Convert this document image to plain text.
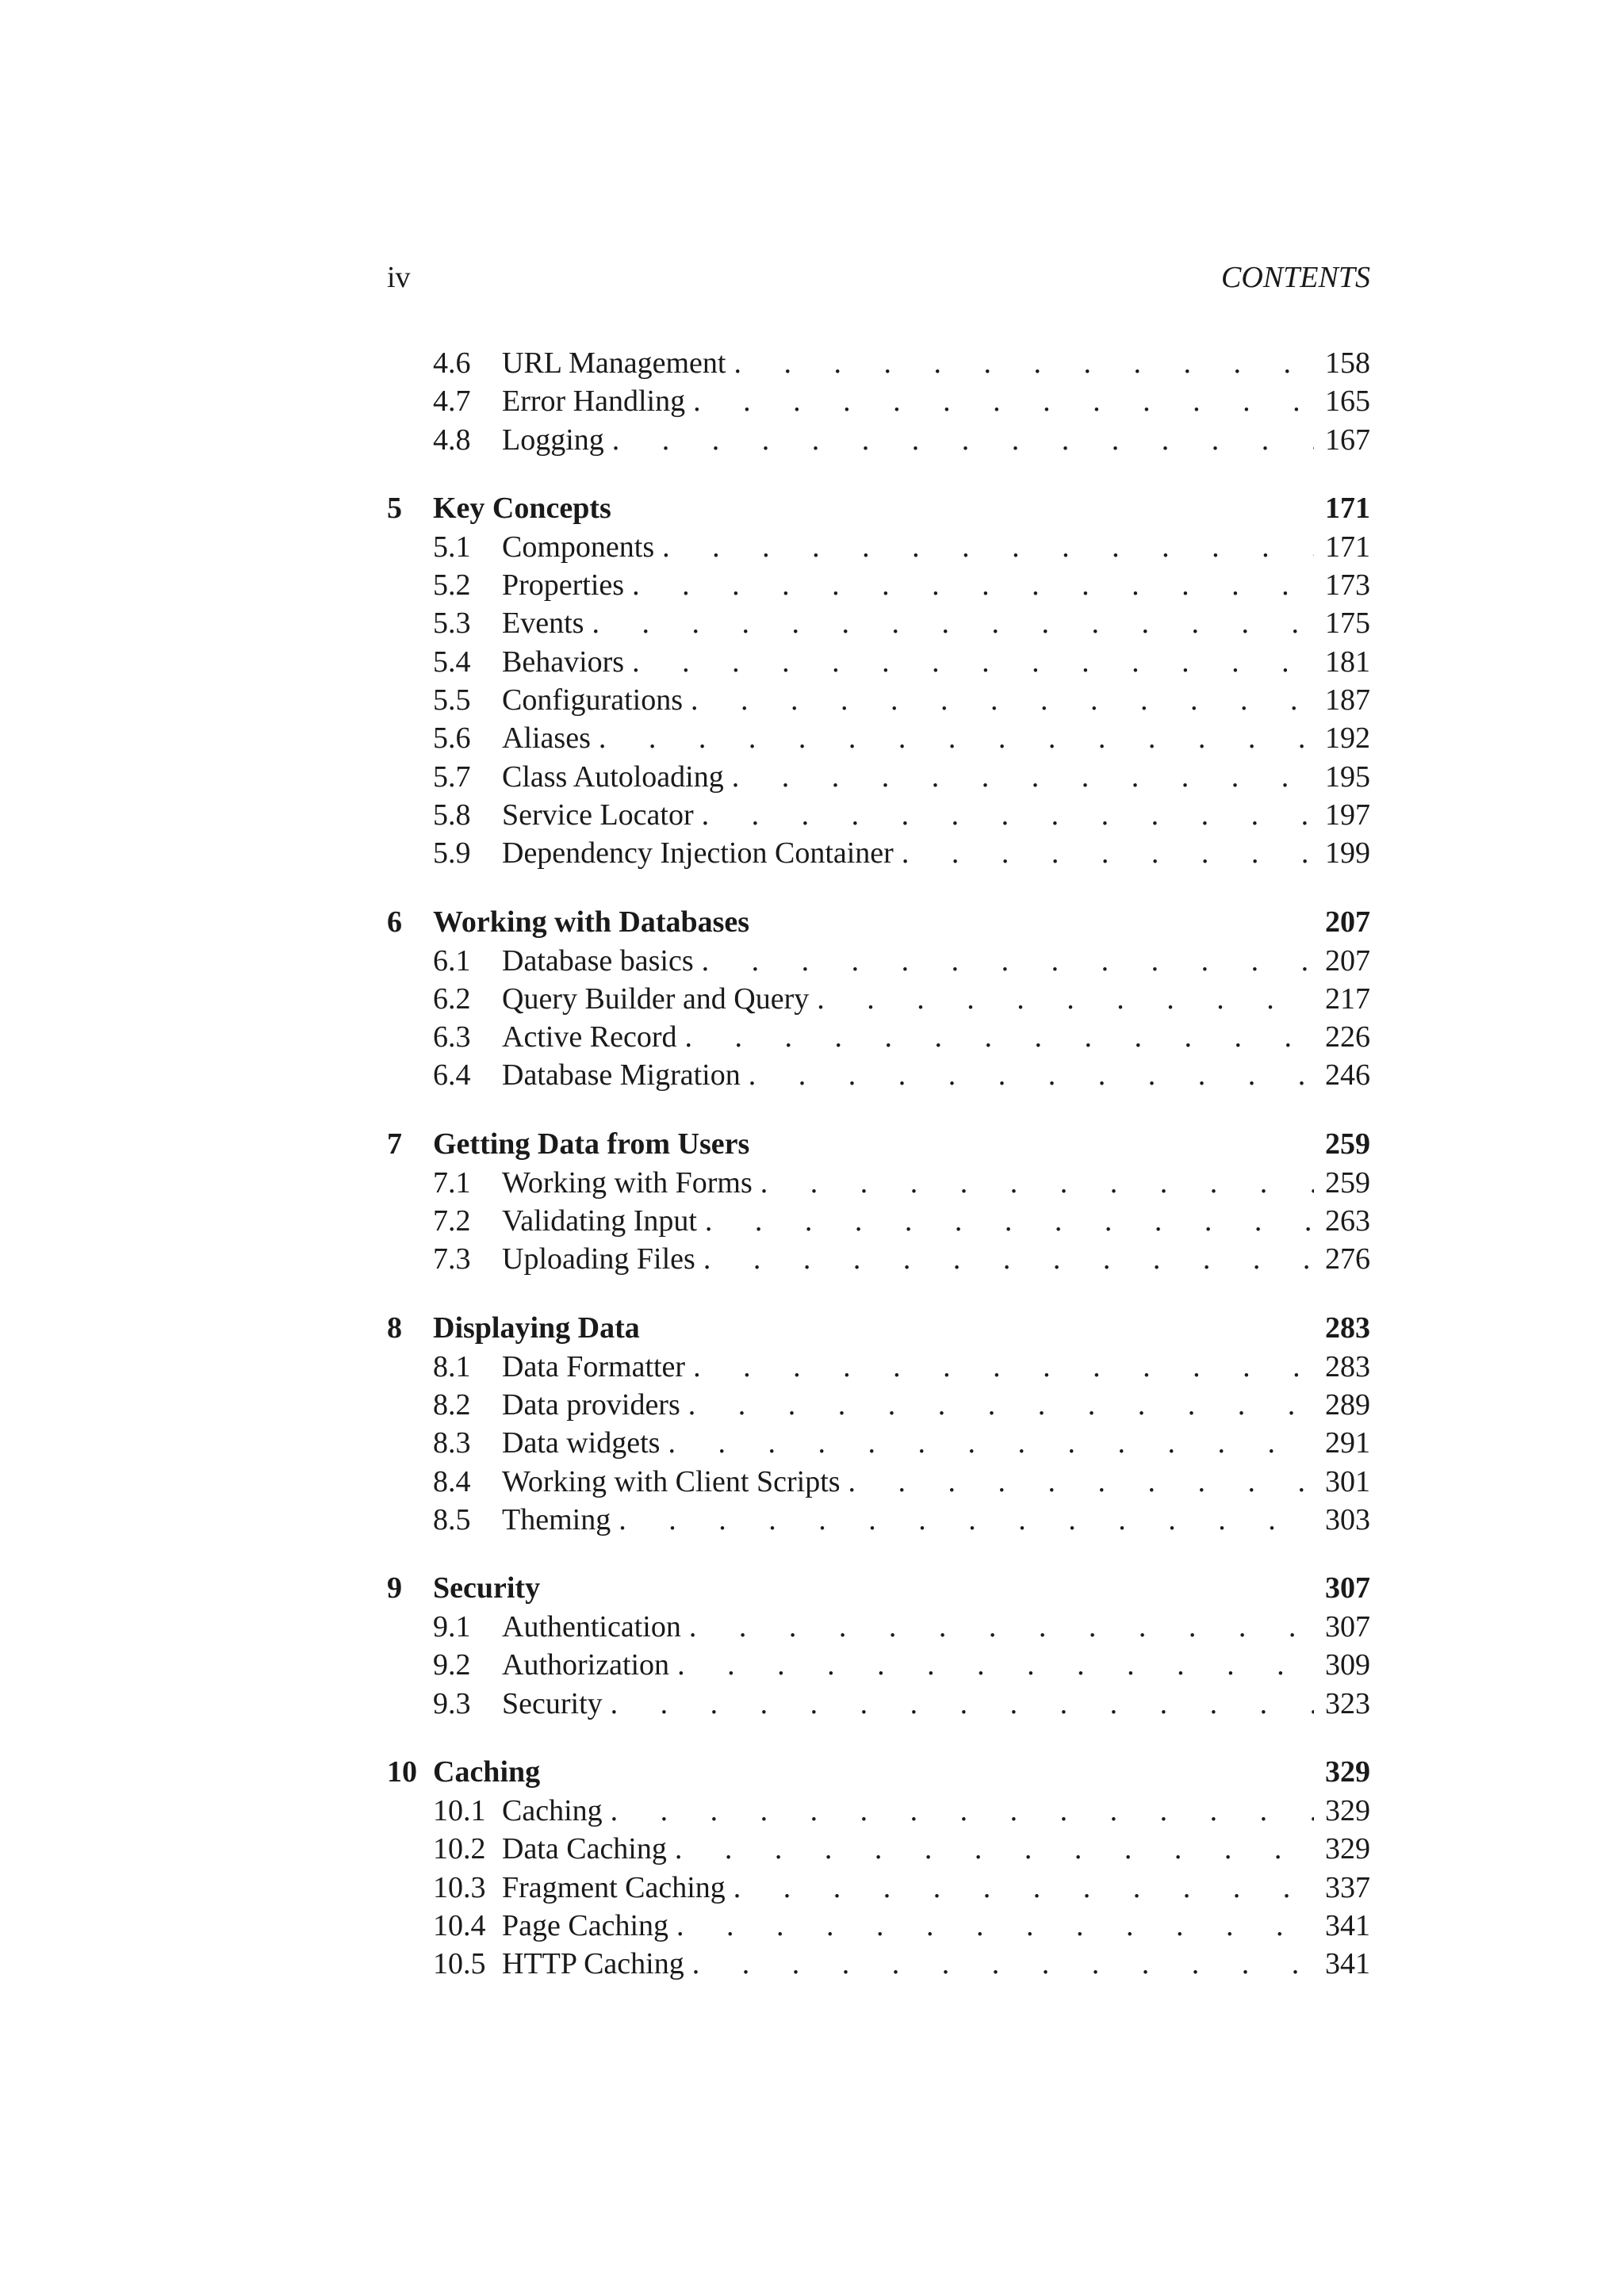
iv	CONTENTS
4.6 URL Management . . .	158
4.7 Error Handling . . .	165
4.8 Logging . . .	167
5 Key Concepts	171
5.1 Components . . .	171
5.2 Properties . . .	173
5.3 Events . . .	175
5.4 Behaviors . . .	181
5.5 Configurations . . .	187
5.6 Aliases . . .	192
5.7 Class Autoloading . . .	195
5.8 Service Locator . . .	197
5.9 Dependency Injection Container . . .	199
6 Working with Databases	207
6.1 Database basics . . .	207
6.2 Query Builder and Query . . .	217
6.3 Active Record . . .	226
6.4 Database Migration . . .	246
7 Getting Data from Users	259
7.1 Working with Forms . . .	259
7.2 Validating Input . . .	263
7.3 Uploading Files . . .	276
8 Displaying Data	283
8.1 Data Formatter . . .	283
8.2 Data providers . . .	289
8.3 Data widgets . . .	291
8.4 Working with Client Scripts . . .	301
8.5 Theming . . .	303
9 Security	307
9.1 Authentication . . .	307
9.2 Authorization . . .	309
9.3 Security . . .	323
10 Caching	329
10.1 Caching . . .	329
10.2 Data Caching . . .	329
10.3 Fragment Caching . . .	337
10.4 Page Caching . . .	341
10.5 HTTP Caching . . .	341
